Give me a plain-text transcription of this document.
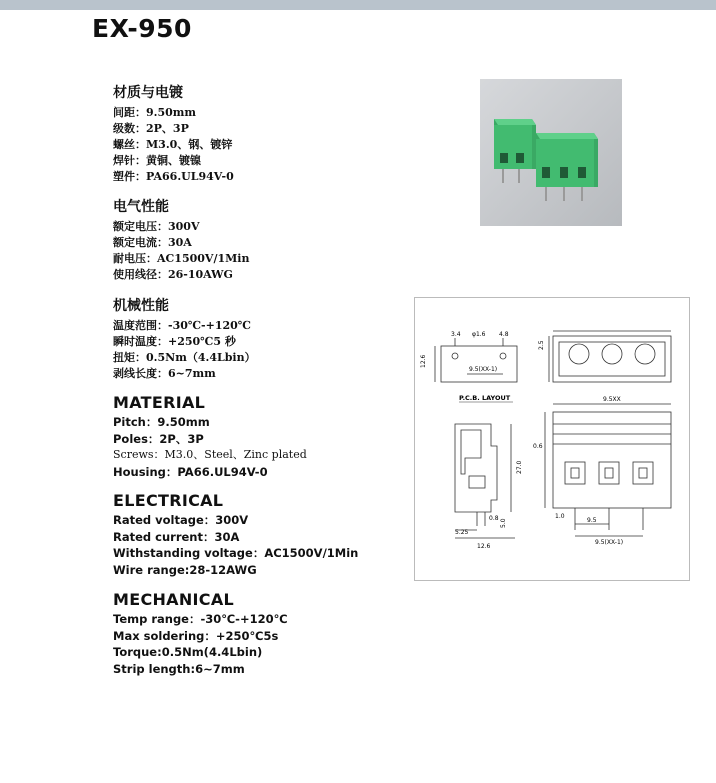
EX-950
材质与电镀
间距：9.50mm
级数：2P、3P
螺丝：M3.0、钢、镀锌
焊针：黄铜、镀镍
塑件：PA66.UL94V-0
电气性能
额定电压：300V
额定电流：30A
耐电压：AC1500V/1Min
使用线径：26-10AWG
机械性能
温度范围：-30℃-+120℃
瞬时温度：+250℃5 秒
扭矩：0.5Nm（4.4Lbin）
剥线长度：6~7mm
MATERIAL
Pitch：9.50mm
Poles：2P、3P
Screws：M3.0、Steel、Zinc plated
Housing：PA66.UL94V-0
ELECTRICAL
Rated voltage：300V
Rated current：30A
Withstanding voltage：AC1500V/1Min
Wire range:28-12AWG
MECHANICAL
Temp range：-30℃-+120℃
Max soldering：+250℃5s
Torque:0.5Nm(4.4Lbin)
Strip length:6~7mm
P.C.B. LAYOUT
3.4 φ1.6 4.8
12.6
9.5(XX-1)
2.5
9.5XX
0.6
27.0
0.8 5.0
5.25
12.6
1.0
9.5
9.5(XX-1)
